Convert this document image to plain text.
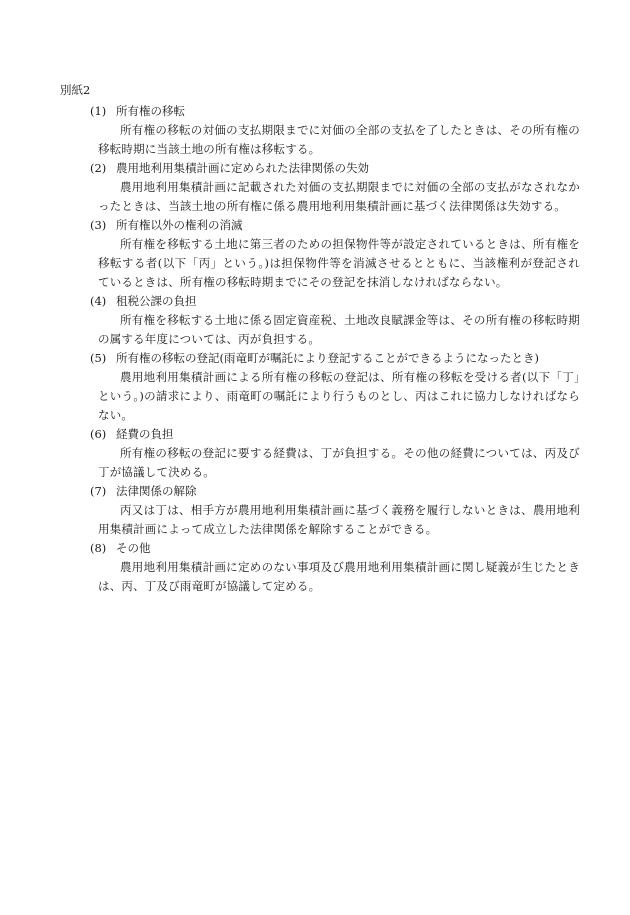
別紙2
(1) 所有権の移転

所有権の移転の対価の支払期限までに対価の全部の支払を了したときは、その所有権の移転時期に当該土地の所有権は移転する。

(2) 農用地利用集積計画に定められた法律関係の失効

農用地利用集積計画に記載された対価の支払期限までに対価の全部の支払がなされなかったときは、当該土地の所有権に係る農用地利用集積計画に基づく法律関係は失効する。

(3) 所有権以外の権利の消滅

所有権を移転する土地に第三者のための担保物件等が設定されているときは、所有権を移転する者(以下「丙」という。)は担保物件等を消滅させるとともに、当該権利が登記されているときは、所有権の移転時期までにその登記を抹消しなければならない。

(4) 租税公課の負担

所有権を移転する土地に係る固定資産税、土地改良賦課金等は、その所有権の移転時期の属する年度については、丙が負担する。

(5) 所有権の移転の登記(雨竜町が嘱託により登記することができるようになったとき)

農用地利用集積計画による所有権の移転の登記は、所有権の移転を受ける者(以下「丁」という。)の請求により、雨竜町の嘱託により行うものとし、丙はこれに協力しなければならない。

(6) 経費の負担

所有権の移転の登記に要する経費は、丁が負担する。その他の経費については、丙及び丁が協議して決める。

(7) 法律関係の解除

丙又は丁は、相手方が農用地利用集積計画に基づく義務を履行しないときは、農用地利用集積計画によって成立した法律関係を解除することができる。

(8) その他

農用地利用集積計画に定めのない事項及び農用地利用集積計画に関し疑義が生じたときは、丙、丁及び雨竜町が協議して定める。
